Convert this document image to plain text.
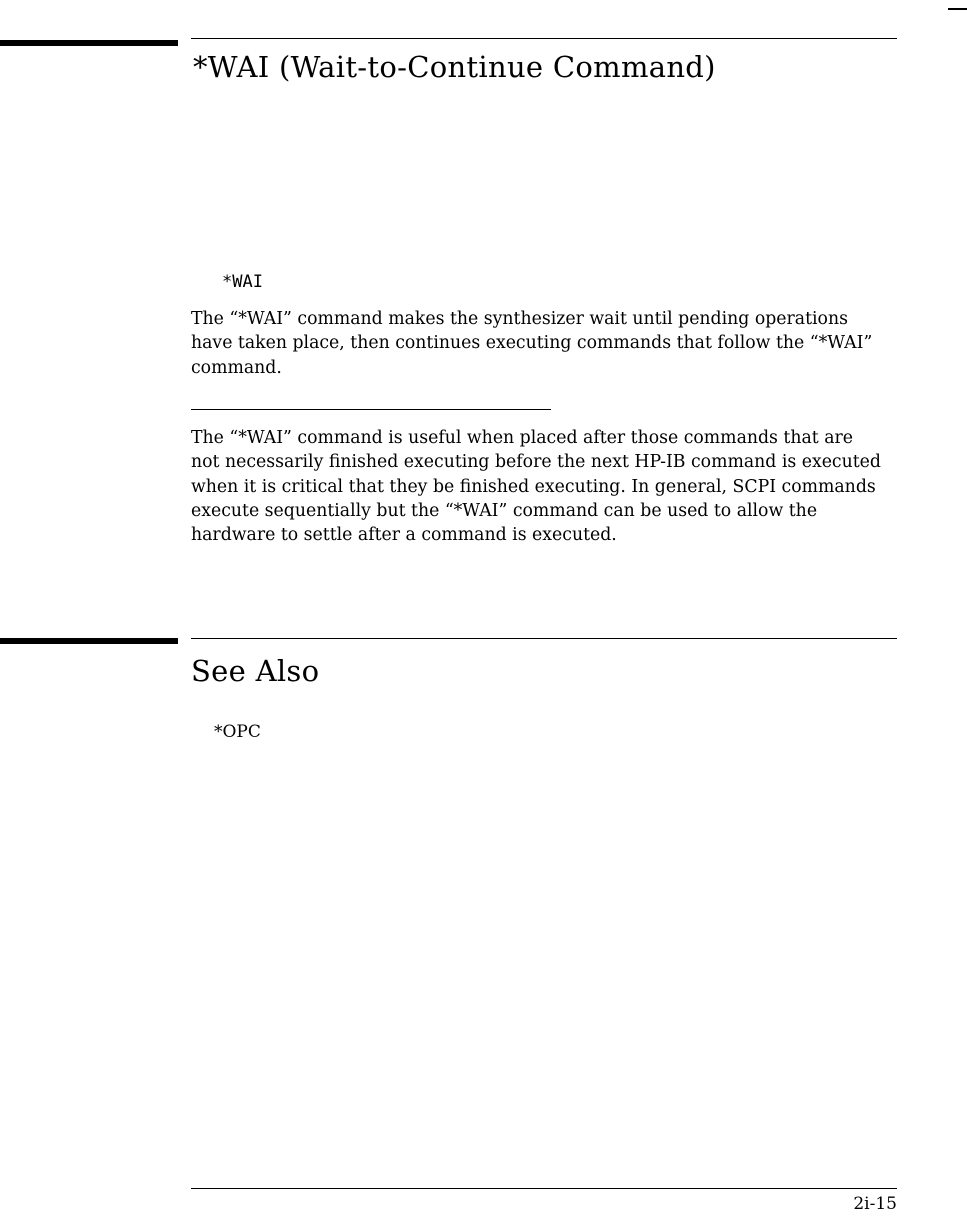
*WAI (Wait-to-Continue Command)
*WAI

The “*WAI” command makes the synthesizer wait until pending operations

have taken place, then continues executing commands that follow the “*WAI”

command.

The “*WAI” command is useful when placed after those commands that are

not necessarily finished executing before the next HP-IB command is executed

when it is critical that they be finished executing. In general, SCPI commands

execute sequentially but the “*WAI” command can be used to allow the

hardware to settle after a command is executed.

See Also
*OPC
2i-15
